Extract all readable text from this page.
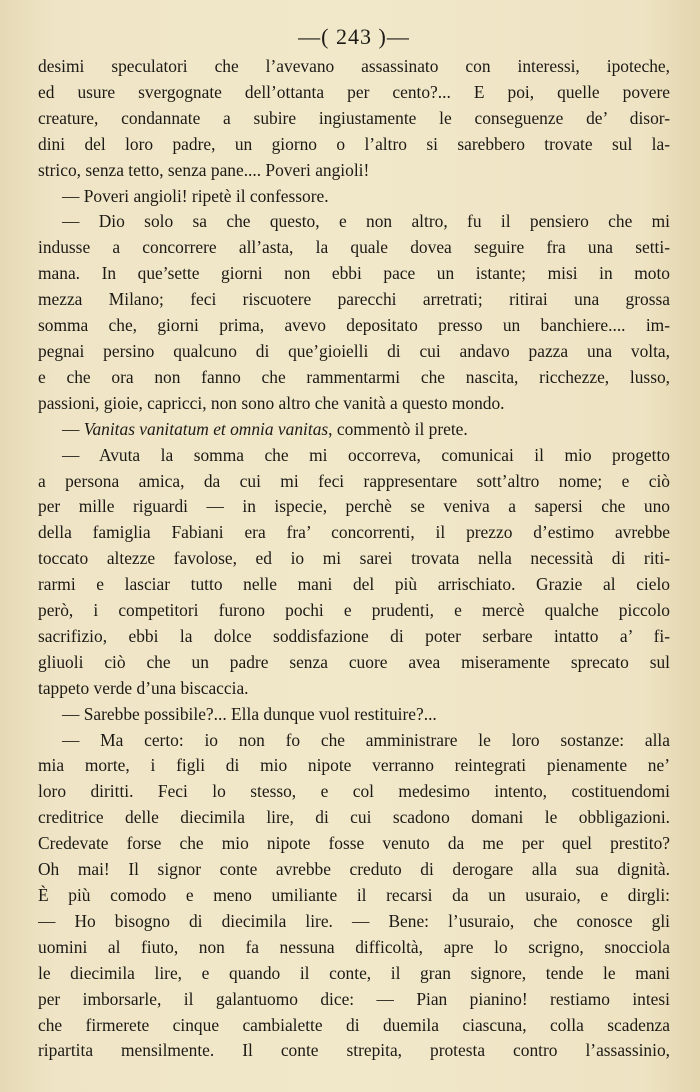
—( 243 )—
desimi speculatori che l’avevano assassinato con interessi, ipoteche,
ed usure svergognate dell’ottanta per cento?... E poi, quelle povere
creature, condannate a subire ingiustamente le conseguenze de’ disor-
dini del loro padre, un giorno o l’altro si sarebbero trovate sul la-
strico, senza tetto, senza pane.... Poveri angioli!
— Poveri angioli! ripetè il confessore.
— Dio solo sa che questo, e non altro, fu il pensiero che mi
indusse a concorrere all’asta, la quale dovea seguire fra una setti-
mana. In que’sette giorni non ebbi pace un istante; misi in moto
mezza Milano; feci riscuotere parecchi arretrati; ritirai una grossa
somma che, giorni prima, avevo depositato presso un banchiere.... im-
pegnai persino qualcuno di que’gioielli di cui andavo pazza una volta,
e che ora non fanno che rammentarmi che nascita, ricchezze, lusso,
passioni, gioie, capricci, non sono altro che vanità a questo mondo.
— Vanitas vanitatum et omnia vanitas, commentò il prete.
— Avuta la somma che mi occorreva, comunicai il mio progetto
a persona amica, da cui mi feci rappresentare sott’altro nome; e ciò
per mille riguardi — in ispecie, perchè se veniva a sapersi che uno
della famiglia Fabiani era fra’ concorrenti, il prezzo d’estimo avrebbe
toccato altezze favolose, ed io mi sarei trovata nella necessità di riti-
rarmi e lasciar tutto nelle mani del più arrischiato. Grazie al cielo
però, i competitori furono pochi e prudenti, e mercè qualche piccolo
sacrifizio, ebbi la dolce soddisfazione di poter serbare intatto a’ fi-
gliuoli ciò che un padre senza cuore avea miseramente sprecato sul
tappeto verde d’una biscaccia.
— Sarebbe possibile?... Ella dunque vuol restituire?...
— Ma certo: io non fo che amministrare le loro sostanze: alla
mia morte, i figli di mio nipote verranno reintegrati pienamente ne’
loro diritti. Feci lo stesso, e col medesimo intento, costituendomi
creditrice delle diecimila lire, di cui scadono domani le obbligazioni.
Credevate forse che mio nipote fosse venuto da me per quel prestito?
Oh mai! Il signor conte avrebbe creduto di derogare alla sua dignità.
È più comodo e meno umiliante il recarsi da un usuraio, e dirgli:
— Ho bisogno di diecimila lire. — Bene: l’usuraio, che conosce gli
uomini al fiuto, non fa nessuna difficoltà, apre lo scrigno, snocciola
le diecimila lire, e quando il conte, il gran signore, tende le mani
per imborsarle, il galantuomo dice: — Pian pianino! restiamo intesi
che firmerete cinque cambialette di duemila ciascuna, colla scadenza
ripartita mensilmente. Il conte strepita, protesta contro l’assassinio,
